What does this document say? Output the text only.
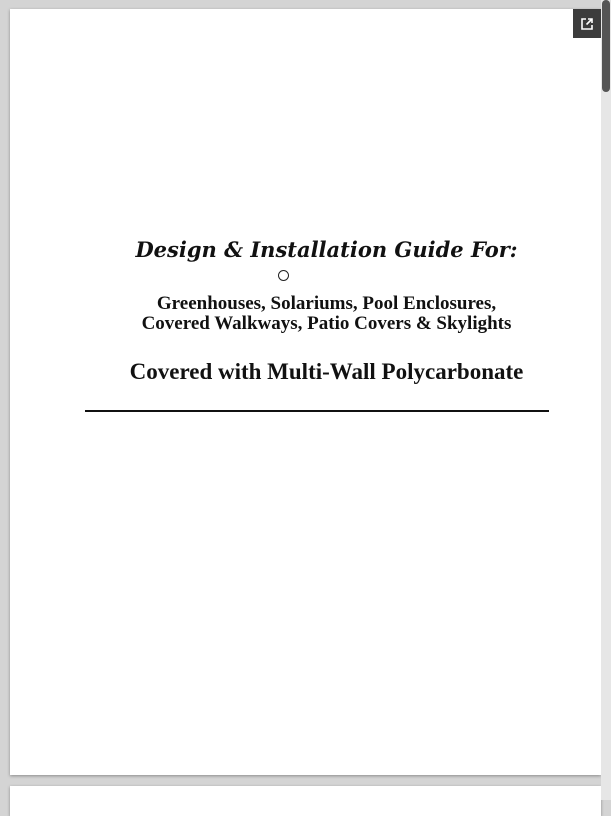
Design & Installation Guide For:
Greenhouses, Solariums, Pool Enclosures,
Covered Walkways, Patio Covers & Skylights
Covered with Multi-Wall Polycarbonate
